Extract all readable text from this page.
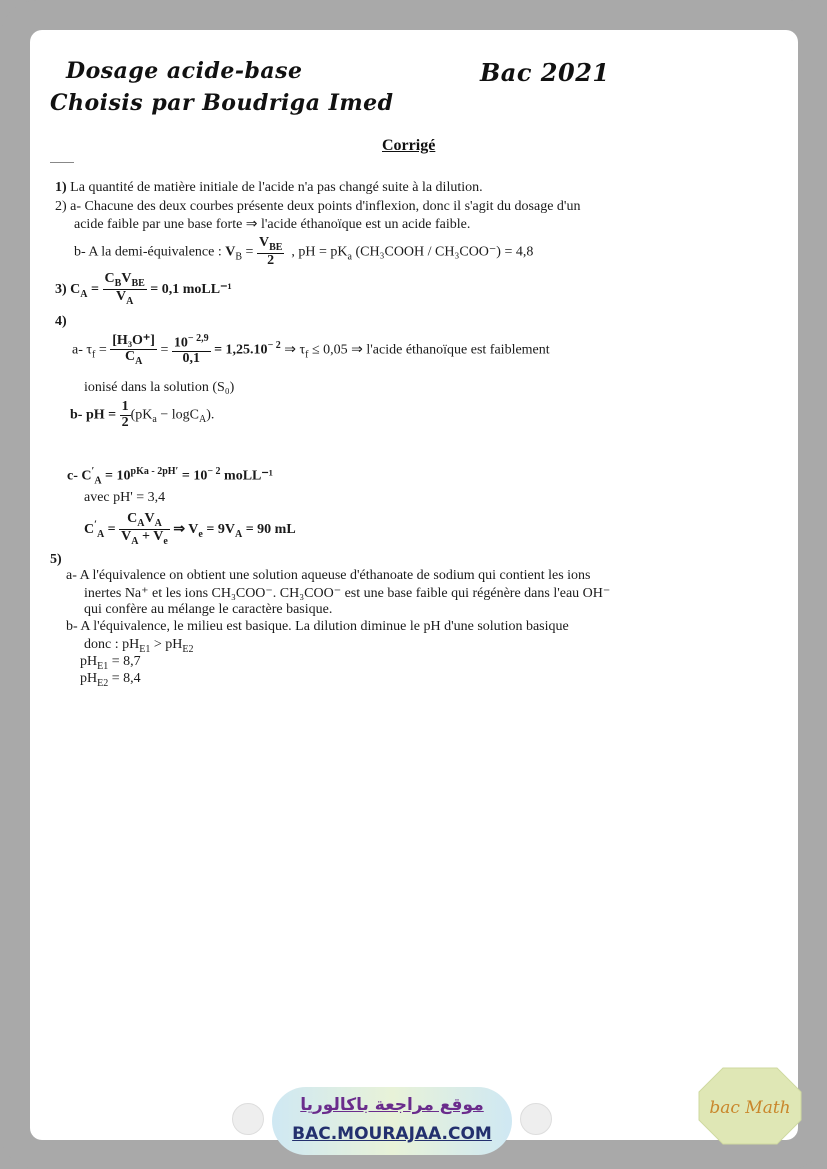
Dosage acide-base	Bac 2021
Choisis par Boudriga Imed
Corrigé
1) La quantité de matière initiale de l'acide n'a pas changé suite à la dilution.
2) a- Chacune des deux courbes présente deux points d'inflexion, donc il s'agit du dosage d'un
acide faible par une base forte ⇒ l'acide éthanoïque est un acide faible.
b- A la demi-équivalence : $V_B = \frac{V_{BE}}{2}$ , pH = $pK_a$ (CH₃COOH / CH₃COO⁻) = 4,8
3) $C_A = \frac{C_BV_{BE}}{V_A} = 0,1$ moLL⁻¹
4)
a- $\tau_f = \frac{\text{[H₃O⁺]}}{C_A} = \frac{10^{- 2,9}}{0,1} = 1,25.10^{- 2}$ ⇒ $\tau_f \le 0,05$ ⇒ l'acide éthanoïque est faiblement
ionisé dans la solution (S₀)
b- pH = $\frac{1}{2} (pK_a - \log C_A)$.
c- $C'_A = 10^{pKa - 2pH'} = 10^{- 2}$ moLL⁻¹
avec pH' = 3,4
$C'_A = \frac{C_AV_A}{V_A + V_e}$ ⇒ $V_e = 9V_A = 90$ mL
5)
a- A l'équivalence on obtient une solution aqueuse d'éthanoate de sodium qui contient les ions
inertes Na⁺ et les ions CH₃COO⁻. CH₃COO⁻ est une base faible qui régénère dans l'eau OH⁻
qui confère au mélange le caractère basique.
b- A l'équivalence, le milieu est basique. La dilution diminue le pH d'une solution basique
donc : $pH_{E1} > pH_{E2}$
$pH_{E1} = 8,7$
$pH_{E2} = 8,4$
موقع مراجعة باكالوريا
BAC.MOURAJAA.COM
bac Math
